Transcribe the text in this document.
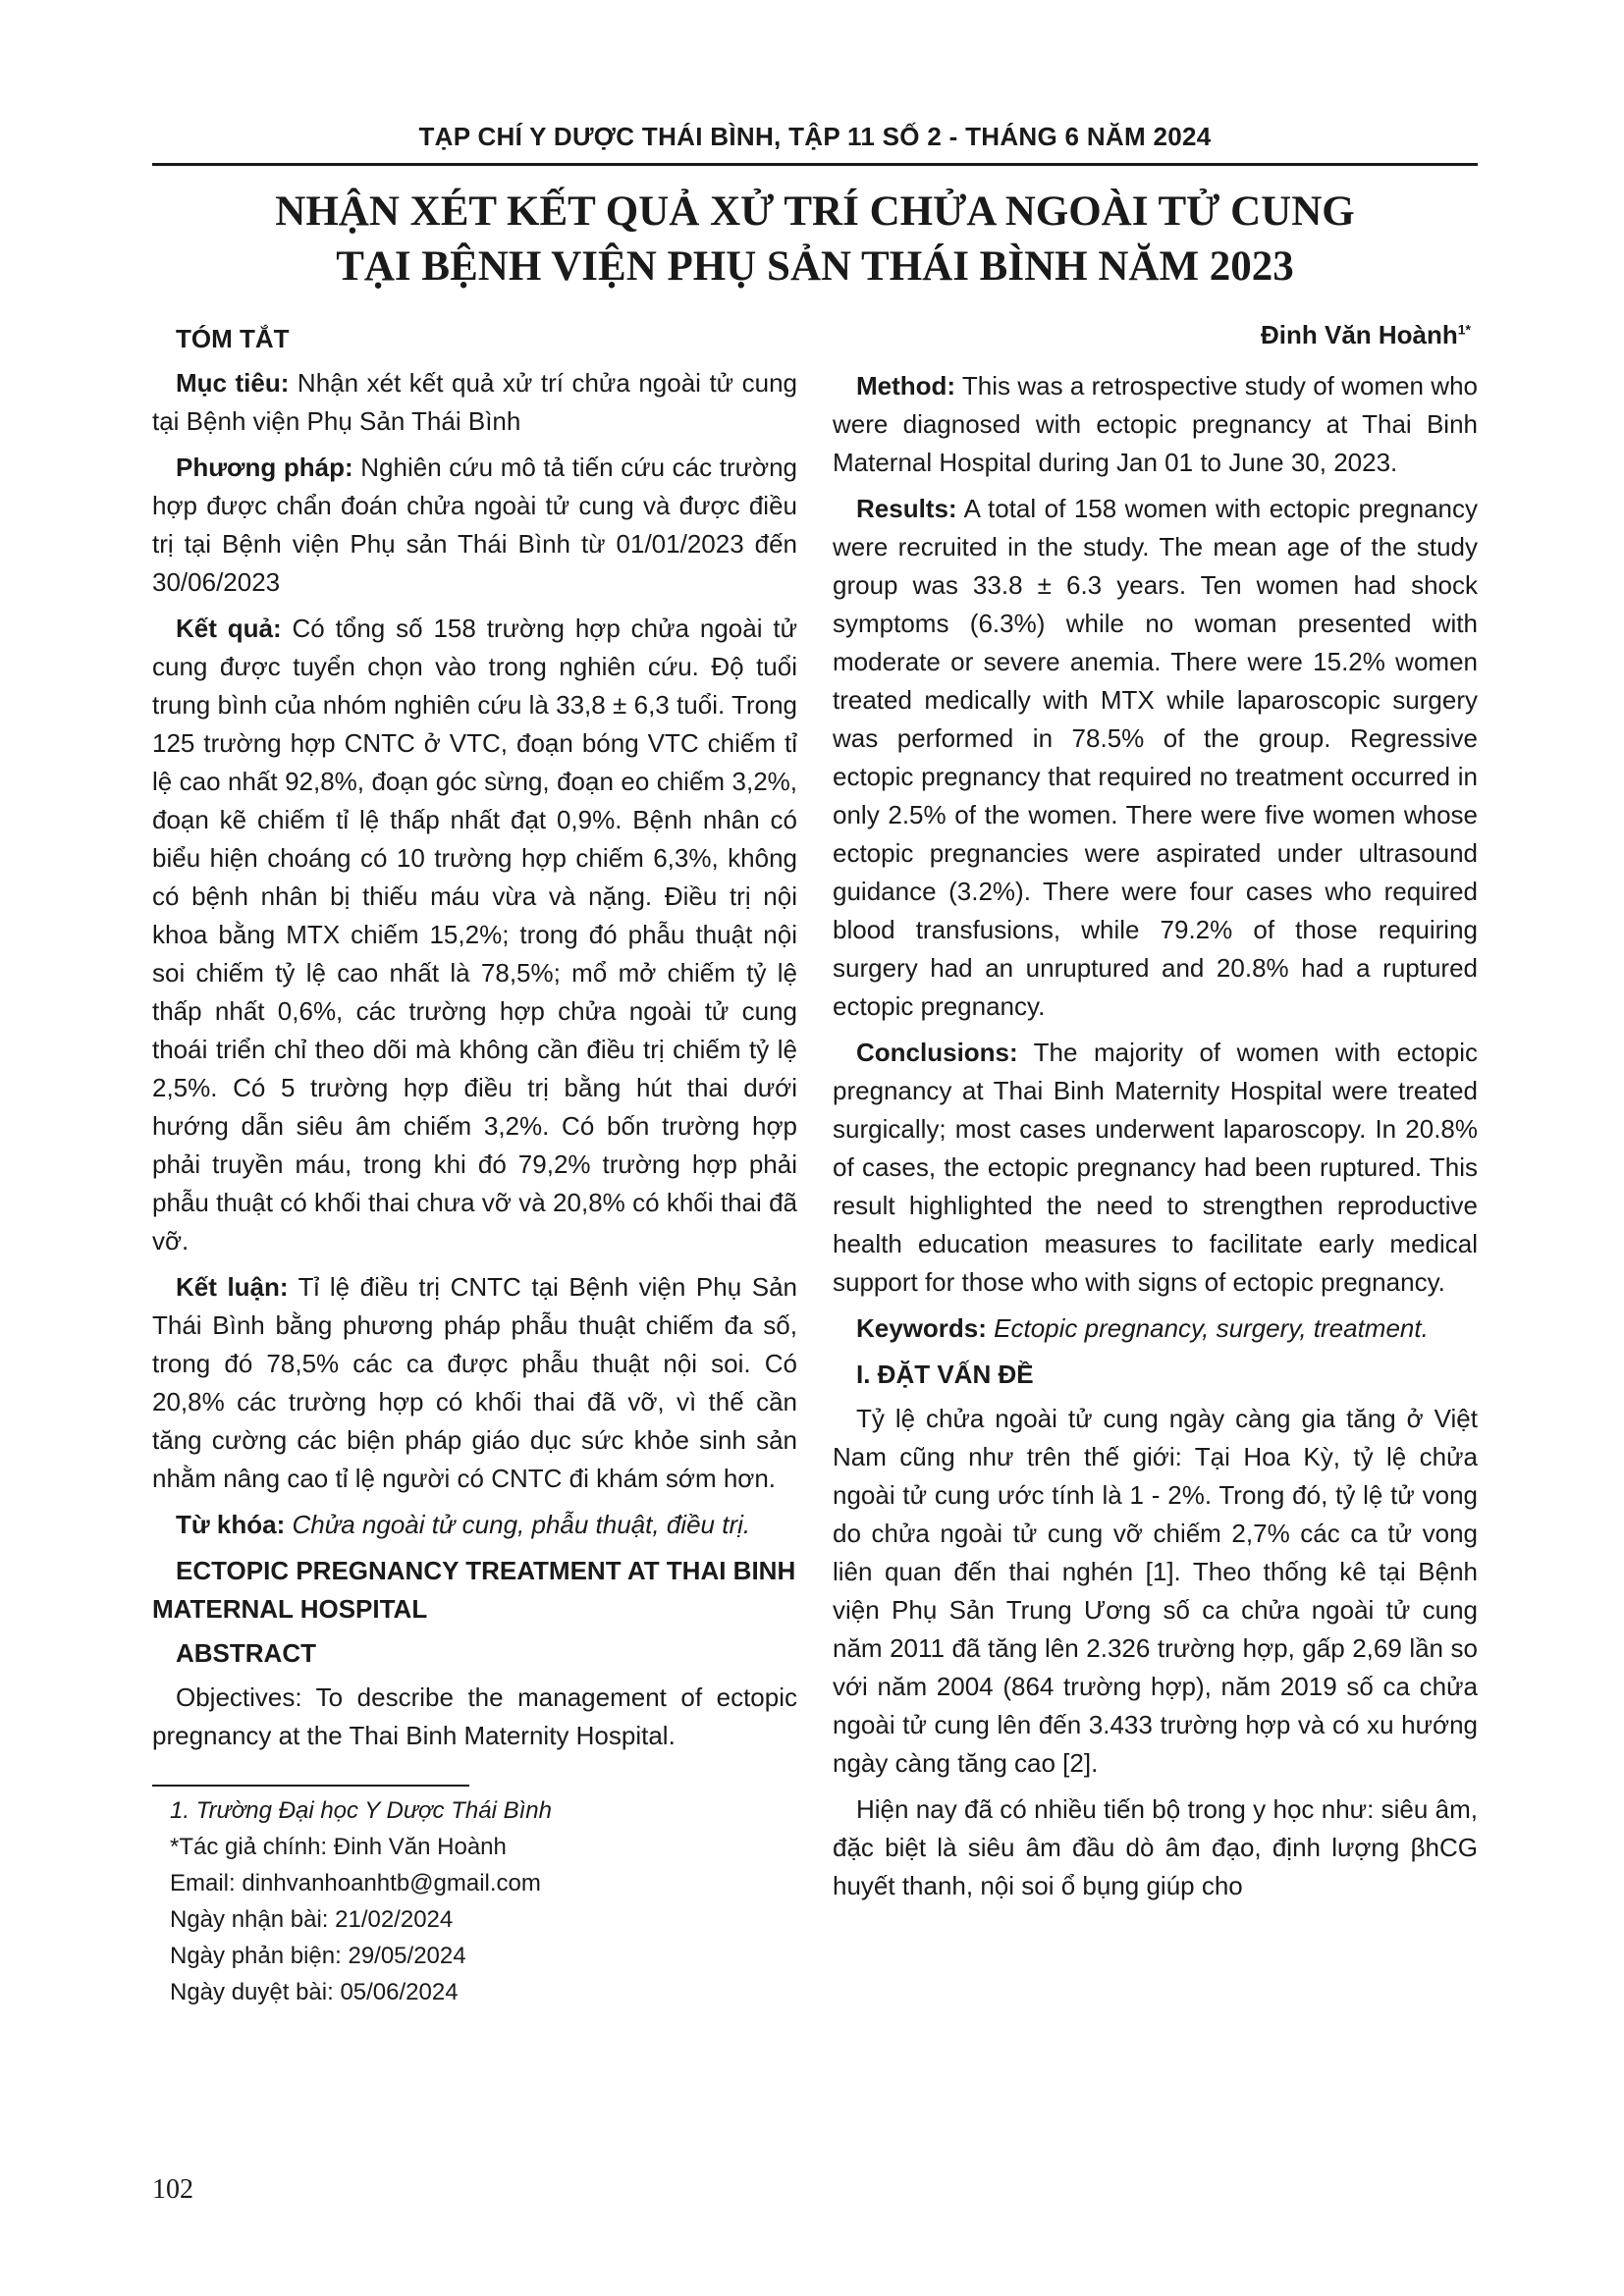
TẠP CHÍ Y DƯỢC THÁI BÌNH, TẬP 11 SỐ 2 - THÁNG 6 NĂM 2024
NHẬN XÉT KẾT QUẢ XỬ TRÍ CHỬA NGOÀI TỬ CUNG
TẠI BỆNH VIỆN PHỤ SẢN THÁI BÌNH NĂM 2023
Đinh Văn Hoành$^{1*}$
TÓM TẮT

Mục tiêu: Nhận xét kết quả xử trí chửa ngoài tử cung tại Bệnh viện Phụ Sản Thái Bình

Phương pháp: Nghiên cứu mô tả tiến cứu các trường hợp được chẩn đoán chửa ngoài tử cung và được điều trị tại Bệnh viện Phụ sản Thái Bình từ 01/01/2023 đến 30/06/2023

Kết quả: Có tổng số 158 trường hợp chửa ngoài tử cung được tuyển chọn vào trong nghiên cứu. Độ tuổi trung bình của nhóm nghiên cứu là 33,8 ± 6,3 tuổi. Trong 125 trường hợp CNTC ở VTC, đoạn bóng VTC chiếm tỉ lệ cao nhất 92,8%, đoạn góc sừng, đoạn eo chiếm 3,2%, đoạn kẽ chiếm tỉ lệ thấp nhất đạt 0,9%. Bệnh nhân có biểu hiện choáng có 10 trường hợp chiếm 6,3%, không có bệnh nhân bị thiếu máu vừa và nặng. Điều trị nội khoa bằng MTX chiếm 15,2%; trong đó phẫu thuật nội soi chiếm tỷ lệ cao nhất là 78,5%; mổ mở chiếm tỷ lệ thấp nhất 0,6%, các trường hợp chửa ngoài tử cung thoái triển chỉ theo dõi mà không cần điều trị chiếm tỷ lệ 2,5%. Có 5 trường hợp điều trị bằng hút thai dưới hướng dẫn siêu âm chiếm 3,2%. Có bốn trường hợp phải truyền máu, trong khi đó 79,2% trường hợp phải phẫu thuật có khối thai chưa vỡ và 20,8% có khối thai đã vỡ.

Kết luận: Tỉ lệ điều trị CNTC tại Bệnh viện Phụ Sản Thái Bình bằng phương pháp phẫu thuật chiếm đa số, trong đó 78,5% các ca được phẫu thuật nội soi. Có 20,8% các trường hợp có khối thai đã vỡ, vì thế cần tăng cường các biện pháp giáo dục sức khỏe sinh sản nhằm nâng cao tỉ lệ người có CNTC đi khám sớm hơn.

Từ khóa: Chửa ngoài tử cung, phẫu thuật, điều trị.

ECTOPIC PREGNANCY TREATMENT AT THAI BINH MATERNAL HOSPITAL
ABSTRACT

Objectives: To describe the management of ectopic pregnancy at the Thai Binh Maternity Hospital.

1. Trường Đại học Y Dược Thái Bình
*Tác giả chính: Đinh Văn Hoành
Email: dinhvanhoanhtb@gmail.com
Ngày nhận bài: 21/02/2024
Ngày phản biện: 29/05/2024
Ngày duyệt bài: 05/06/2024

Method: This was a retrospective study of women who were diagnosed with ectopic pregnancy at Thai Binh Maternal Hospital during Jan 01 to June 30, 2023.

Results: A total of 158 women with ectopic pregnancy were recruited in the study. The mean age of the study group was 33.8 ± 6.3 years. Ten women had shock symptoms (6.3%) while no woman presented with moderate or severe anemia. There were 15.2% women treated medically with MTX while laparoscopic surgery was performed in 78.5% of the group. Regressive ectopic pregnancy that required no treatment occurred in only 2.5% of the women. There were five women whose ectopic pregnancies were aspirated under ultrasound guidance (3.2%). There were four cases who required blood transfusions, while 79.2% of those requiring surgery had an unruptured and 20.8% had a ruptured ectopic pregnancy.

Conclusions: The majority of women with ectopic pregnancy at Thai Binh Maternity Hospital were treated surgically; most cases underwent laparoscopy. In 20.8% of cases, the ectopic pregnancy had been ruptured. This result highlighted the need to strengthen reproductive health education measures to facilitate early medical support for those who with signs of ectopic pregnancy.

Keywords: Ectopic pregnancy, surgery, treatment.

I. ĐẶT VẤN ĐỀ

Tỷ lệ chửa ngoài tử cung ngày càng gia tăng ở Việt Nam cũng như trên thế giới: Tại Hoa Kỳ, tỷ lệ chửa ngoài tử cung ước tính là 1 - 2%. Trong đó, tỷ lệ tử vong do chửa ngoài tử cung vỡ chiếm 2,7% các ca tử vong liên quan đến thai nghén [1]. Theo thống kê tại Bệnh viện Phụ Sản Trung Ương số ca chửa ngoài tử cung năm 2011 đã tăng lên 2.326 trường hợp, gấp 2,69 lần so với năm 2004 (864 trường hợp), năm 2019 số ca chửa ngoài tử cung lên đến 3.433 trường hợp và có xu hướng ngày càng tăng cao [2].

Hiện nay đã có nhiều tiến bộ trong y học như: siêu âm, đặc biệt là siêu âm đầu dò âm đạo, định lượng βhCG huyết thanh, nội soi ổ bụng giúp cho

102
